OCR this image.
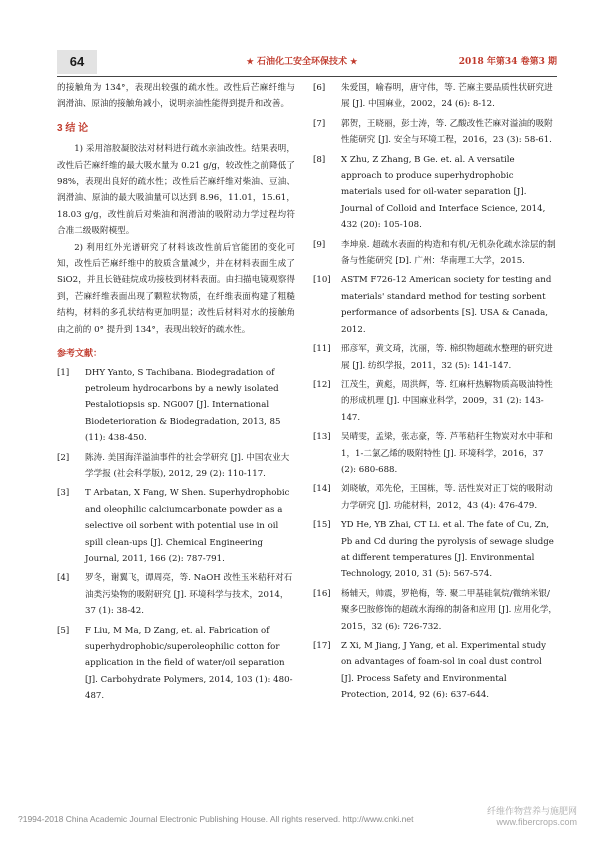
64	★ 石油化工安全环保技术 ★	2018 年第34 卷第3 期

的接触角为 134°，表现出较强的疏水性。改性后芒麻纤维与润滑油、原油的接触角减小，说明亲油性能得到提升和改善。

3 结 论

1) 采用溶胶凝胶法对材料进行疏水亲油改性。结果表明，改性后芒麻纤维的最大吸水量为 0.21 g/g，较改性之前降低了 98%，表现出良好的疏水性；改性后芒麻纤维对柴油、豆油、润滑油、原油的最大吸油量可以达到 8.96，11.01，15.61，18.03 g/g，改性前后对柴油和润滑油的吸附动力学过程均符合准二级吸附模型。

2) 利用红外光谱研究了材料该改性前后官能团的变化可知，改性后芒麻纤维中的胶质含量减少，并在材料表面生成了 SiO2，并且长链硅烷成功接枝到材料表面。由扫描电镜观察得到，芒麻纤维表面出现了颗粒状物质，在纤维表面构建了粗糙结构，材料的多孔状结构更加明显；改性后材料对水的接触角由之前的 0° 提升到 134°，表现出较好的疏水性。

参考文献：
[1]	DHY Yanto, S Tachibana. Biodegradation of petroleum hydrocarbons by a newly isolated Pestalotiopsis sp. NG007 [J]. International Biodeterioration & Biodegradation, 2013, 85 (11): 438-450.
[2]	陈涛. 美国海洋溢油事件的社会学研究 [J]. 中国农业大学学报 (社会科学版), 2012, 29 (2): 110-117.
[3]	T Arbatan, X Fang, W Shen. Superhydrophobic and oleophilic calciumcarbonate powder as a selective oil sorbent with potential use in oil spill clean-ups [J]. Chemical Engineering Journal, 2011, 166 (2): 787-791.
[4]	罗冬，谢翼飞，谭周亮，等. NaOH 改性玉米秸秆对石油类污染物的吸附研究 [J]. 环境科学与技术，2014，37 (1): 38-42.
[5]	F Liu, M Ma, D Zang, et. al. Fabrication of superhydrophobic/superoleophilic cotton for application in the field of water/oil separation [J]. Carbohydrate Polymers, 2014, 103 (1): 480-487.
[6]	朱爱国，喻春明，唐守伟，等. 芒麻主要品质性状研究进展 [J]. 中国麻业，2002，24 (6): 8-12.
[7]	郭贺，王晓丽，彭士涛，等. 乙酸改性芒麻对溢油的吸附性能研究 [J]. 安全与环境工程，2016，23 (3): 58-61.
[8]	X Zhu, Z Zhang, B Ge. et. al. A versatile approach to produce superhydrophobic materials used for oil-water separation [J]. Journal of Colloid and Interface Science, 2014, 432 (20): 105-108.
[9]	李坤泉. 超疏水表面的构造和有机/无机杂化疏水涂层的制备与性能研究 [D]. 广州：华南理工大学，2015.
[10]	ASTM F726-12 American society for testing and materials' standard method for testing sorbent performance of adsorbents [S]. USA & Canada, 2012.
[11]	邢彦军，黄文琦，沈丽，等. 棉织物超疏水整理的研究进展 [J]. 纺织学报，2011，32 (5): 141-147.
[12]	江茂生，黄彪，周洪辉，等. 红麻杆热解物质高吸油特性的形成机理 [J]. 中国麻业科学，2009，31 (2): 143-147.
[13]	吴晴雯，孟梁，张志豪，等. 芦苇秸秆生物炭对水中菲和 1，1-二氯乙烯的吸附特性 [J]. 环境科学，2016，37 (2): 680-688.
[14]	刘晓敏，邓先伦，王国栋，等. 活性炭对正丁烷的吸附动力学研究 [J]. 功能材料，2012，43 (4): 476-479.
[15]	YD He, YB Zhai, CT Li. et al. The fate of Cu, Zn, Pb and Cd during the pyrolysis of sewage sludge at different temperatures [J]. Environmental Technology, 2010, 31 (5): 567-574.
[16]	杨辅天，帅震，罗艳梅，等. 聚二甲基硅氧烷/微纳米银/聚多巴胺修饰的超疏水海绵的制备和应用 [J]. 应用化学，2015，32 (6): 726-732.
[17]	Z Xi, M Jiang, J Yang, et al. Experimental study on advantages of foam-sol in coal dust control [J]. Process Safety and Environmental Protection, 2014, 92 (6): 637-644.
?1994-2018 China Academic Journal Electronic Publishing House. All rights reserved. http://www.cnki.net
纤维作物营养与施肥网
www.fibercrops.com
